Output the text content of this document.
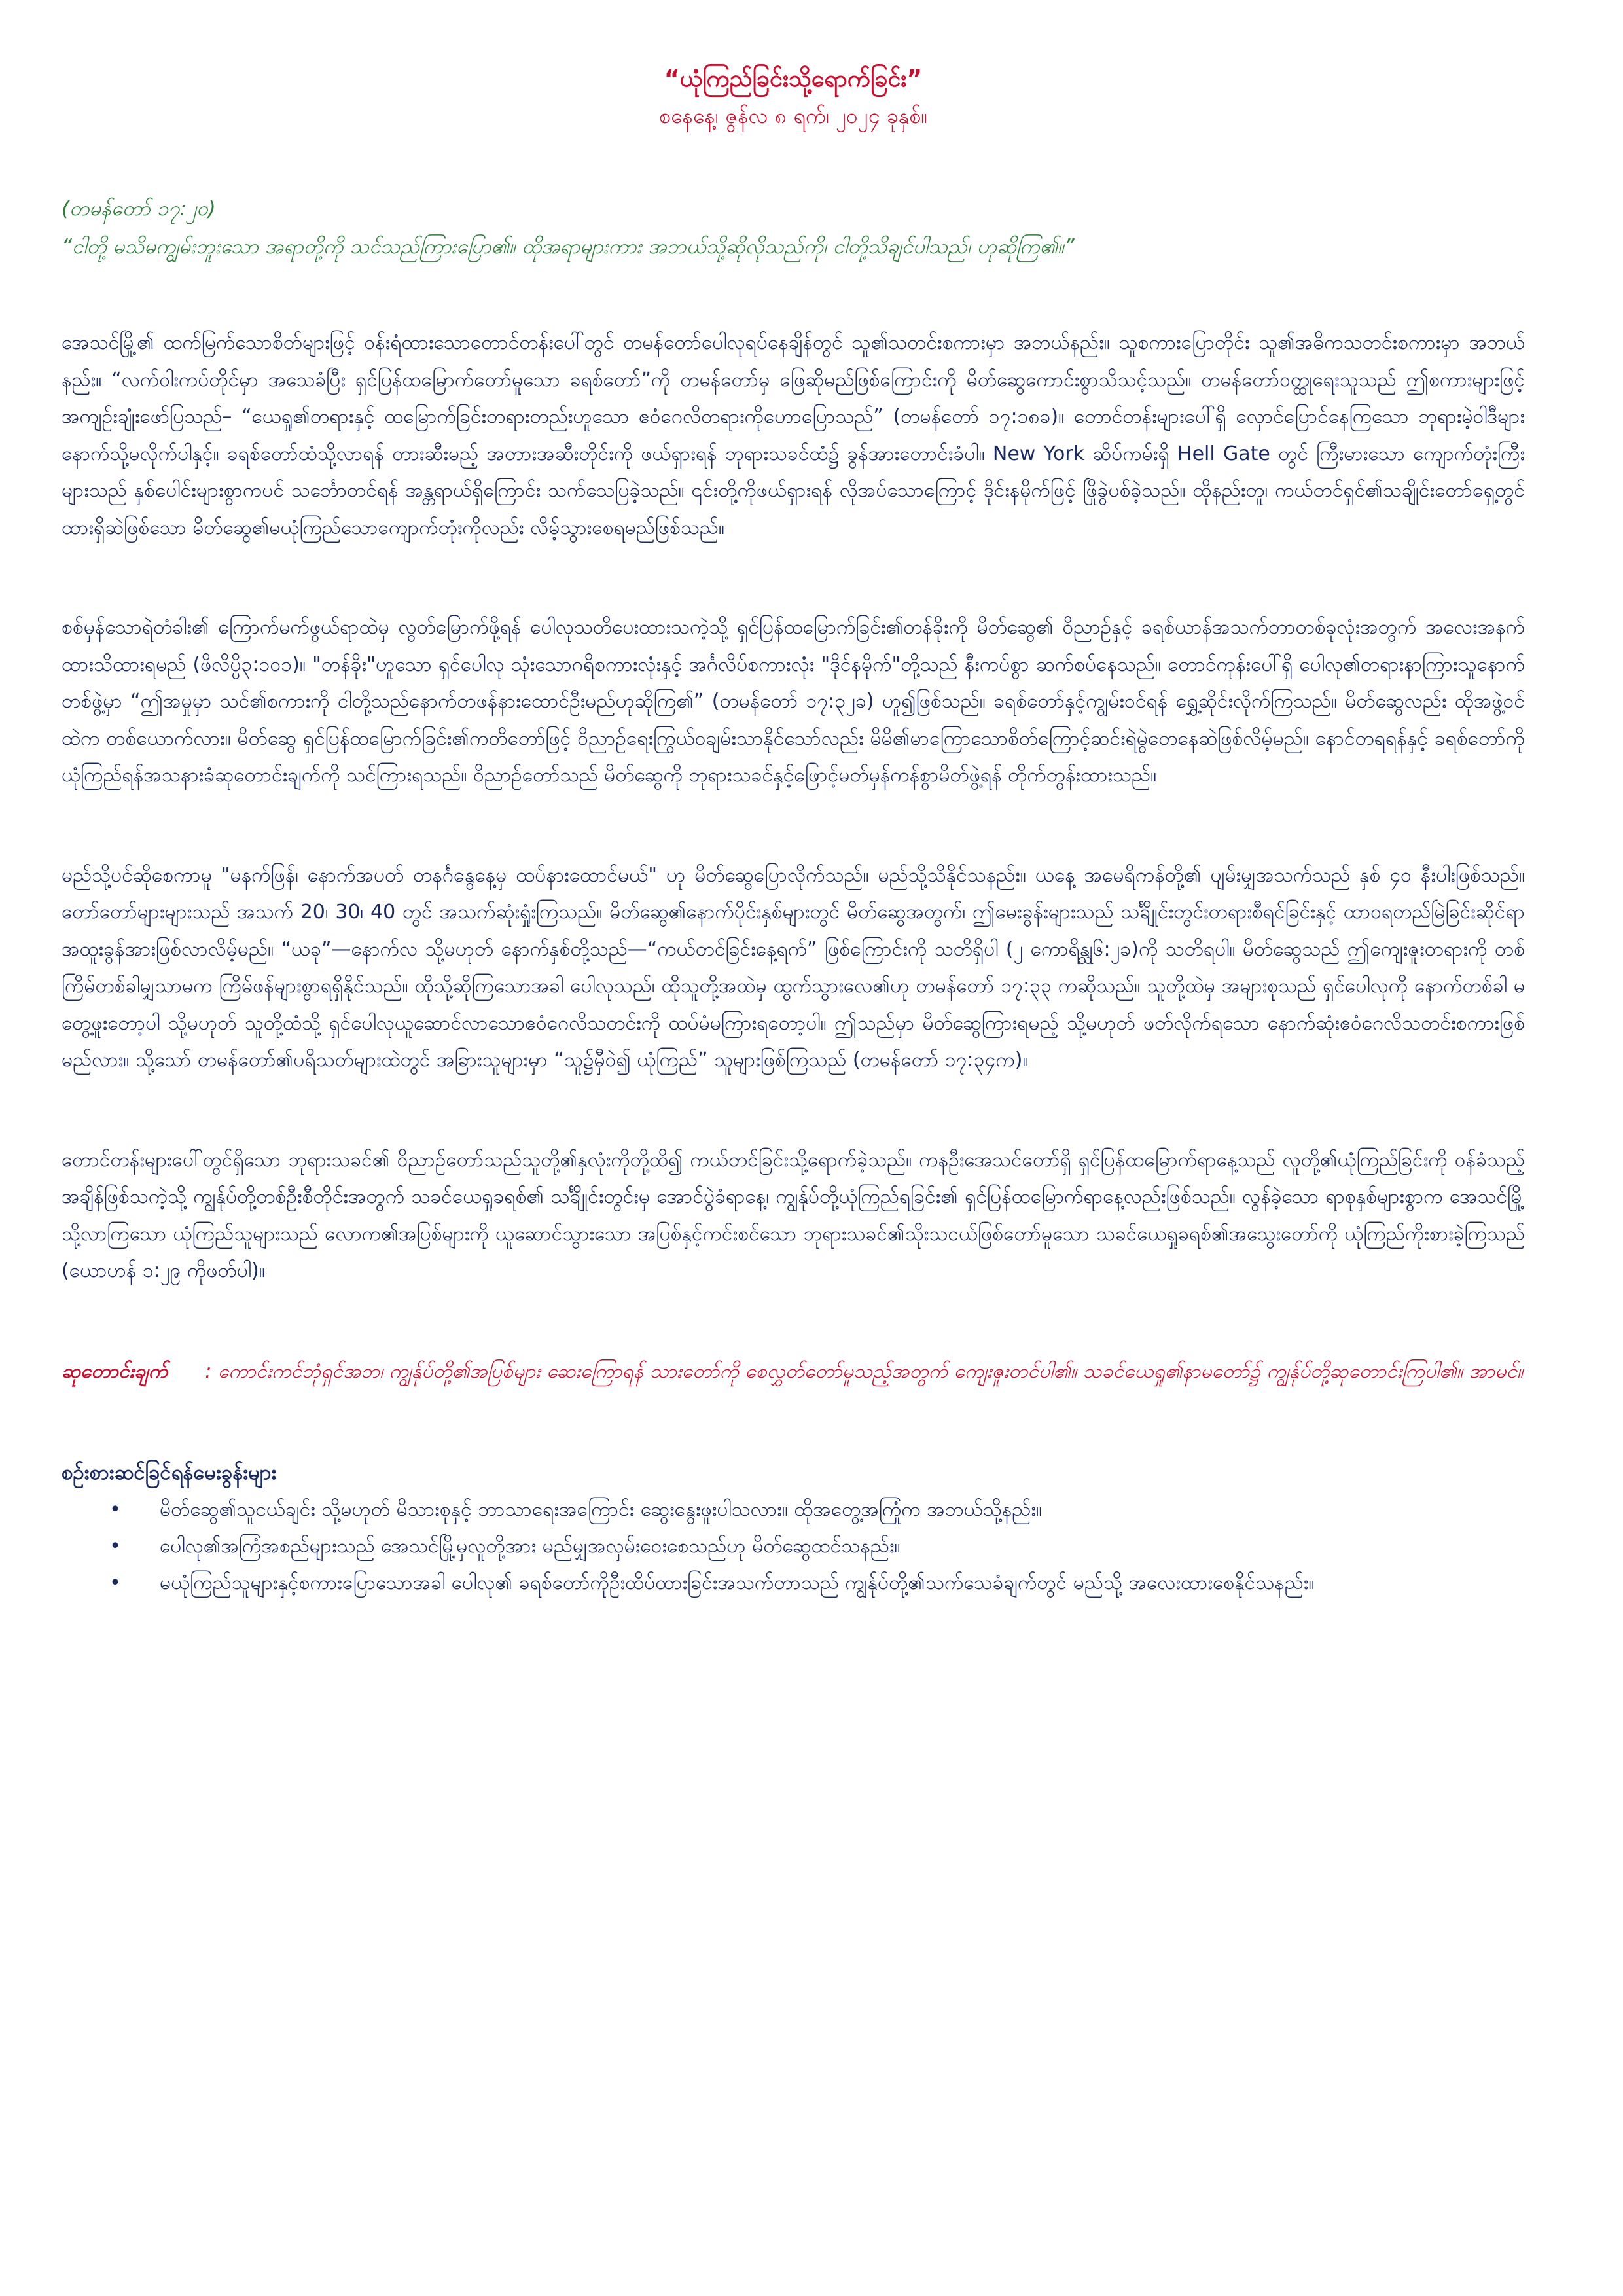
“ယုံကြည်ခြင်းသို့ရောက်ခြင်း”

စနေနေ့၊ ဇွန်လ ၈ ရက်၊ ၂၀၂၄ ခုနှစ်။

(တမန်တော် ၁၇:၂၀)

“ငါတို့ မသိမကျွမ်းဘူးသော အရာတို့ကို သင်သည်ကြားပြော၏။ ထိုအရာများကား အဘယ်သို့ဆိုလိုသည်ကို၊ ငါတို့သိချင်ပါသည်၊ ဟုဆိုကြ၏။”

အေသင်မြို့၏ ထက်မြက်သောစိတ်များဖြင့် ဝန်းရံထားသောတောင်တန်းပေါ်တွင် တမန်တော်ပေါလုရပ်နေချိန်တွင် သူ၏သတင်းစကားမှာ အဘယ်နည်း။ သူစကားပြောတိုင်း သူ၏အဓိကသတင်းစကားမှာ အဘယ်နည်း။ “လက်ဝါးကပ်တိုင်မှာ အသေခံပြီး ရှင်ပြန်ထမြောက်တော်မူသော ခရစ်တော်”ကို တမန်တော်မှ ဖြေဆိုမည်ဖြစ်ကြောင်းကို မိတ်ဆွေကောင်းစွာသိသင့်သည်။ တမန်တော်ဝတ္ထုရေးသူသည် ဤစကားများဖြင့် အကျဉ်းချုံးဖော်ပြသည်– “ယေရှု၏တရားနှင့် ထမြောက်ခြင်းတရားတည်းဟူသော ဧဝံဂေလိတရားကိုဟောပြောသည်” (တမန်တော် ၁၇:၁၈ခ)။ တောင်တန်းများပေါ်ရှိ လှောင်ပြောင်နေကြသော ဘုရားမဲ့ဝါဒီများနောက်သို့မလိုက်ပါနှင့်။ ခရစ်တော်ထံသို့လာရန် တားဆီးမည့် အတားအဆီးတိုင်းကို ဖယ်ရှားရန် ဘုရားသခင်ထံ၌ ခွန်အားတောင်းခံပါ။ New York ဆိပ်ကမ်းရှိ Hell Gate တွင် ကြီးမားသော ကျောက်တုံးကြီးများသည် နှစ်ပေါင်းများစွာကပင် သင်္ဘောတင်ရန် အန္တရာယ်ရှိကြောင်း သက်သေပြခဲ့သည်။ ၎င်းတို့ကိုဖယ်ရှားရန် လိုအပ်သောကြောင့် ဒိုင်းနမိုက်ဖြင့် ဖြိုခွဲပစ်ခဲ့သည်။ ထိုနည်းတူ၊ ကယ်တင်ရှင်၏သချိုင်းတော်ရှေ့တွင် ထားရှိဆဲဖြစ်သော မိတ်ဆွေ၏မယုံကြည်သောကျောက်တုံးကိုလည်း လိမ့်သွားစေရမည်ဖြစ်သည်။

စစ်မှန်သောရဲတံခါး၏ ကြောက်မက်ဖွယ်ရာထဲမှ လွတ်မြောက်ဖို့ရန် ပေါလုသတိပေးထားသကဲ့သို့ ရှင်ပြန်ထမြောက်ခြင်း၏တန်ခိုးကို မိတ်ဆွေ၏ ဝိညာဉ်နှင့် ခရစ်ယာန်အသက်တာတစ်ခုလုံးအတွက် အလေးအနက်ထားသိထားရမည် (ဖိလိပ္ပိ၃:၁၀၁)။ "တန်ခိုး"ဟူသော ရှင်ပေါလု သုံးသောဂရိစကားလုံးနှင့် အင်္ဂလိပ်စကားလုံး "ဒိုင်နမိုက်"တို့သည် နီးကပ်စွာ ဆက်စပ်နေသည်။ တောင်ကုန်းပေါ်ရှိ ပေါလု၏တရားနာကြားသူနောက်တစ်ဖွဲ့မှာ “ဤအမှုမှာ သင်၏စကားကို ငါတို့သည်နောက်တဖန်နားထောင်ဦးမည်ဟုဆိုကြ၏” (တမန်တော် ၁၇:၃၂ခ) ဟူ၍ဖြစ်သည်။ ခရစ်တော်နှင့်ကျွမ်းဝင်ရန် ရွှေ့ဆိုင်းလိုက်ကြသည်။ မိတ်ဆွေလည်း ထိုအဖွဲ့ဝင်ထဲက တစ်ယောက်လား။ မိတ်ဆွေ ရှင်ပြန်ထမြောက်ခြင်း၏ကတိတော်ဖြင့် ဝိညာဉ်ရေးကြွယ်ဝချမ်းသာနိုင်သော်လည်း မိမိ၏မာကြောသောစိတ်ကြောင့်ဆင်းရဲမွဲတေနေဆဲဖြစ်လိမ့်မည်။ နောင်တရရန်နှင့် ခရစ်တော်ကို ယုံကြည်ရန်အသနားခံဆုတောင်းချက်ကို သင်ကြားရသည်။ ဝိညာဉ်တော်သည် မိတ်ဆွေကို ဘုရားသခင်နှင့်ဖြောင့်မတ်မှန်ကန်စွာမိတ်ဖွဲ့ရန် တိုက်တွန်းထားသည်။

မည်သို့ပင်ဆိုစေကာမူ "မနက်ဖြန်၊ နောက်အပတ် တနင်္ဂနွေနေ့မှ ထပ်နားထောင်မယ်" ဟု မိတ်ဆွေပြောလိုက်သည်။ မည်သို့သိနိုင်သနည်း။ ယနေ့ အမေရိကန်တို့၏ ပျမ်းမျှအသက်သည် နှစ် ၄၀ နီးပါးဖြစ်သည်။ တော်တော်များများသည် အသက် 20၊ 30၊ 40 တွင် အသက်ဆုံးရှုံးကြသည်။ မိတ်ဆွေ၏နောက်ပိုင်းနှစ်များတွင် မိတ်ဆွေအတွက်၊ ဤမေးခွန်းများသည် သင်္ချိုင်းတွင်းတရားစီရင်ခြင်းနှင့် ထာဝရတည်မြဲခြင်းဆိုင်ရာ အထူးခွန်အားဖြစ်လာလိမ့်မည်။ “ယခု”—နောက်လ သို့မဟုတ် နောက်နှစ်တို့သည်—“ကယ်တင်ခြင်းနေ့ရက်” ဖြစ်ကြောင်းကို သတိရှိပါ (၂ ကောရိန္သု၆:၂ခ)ကို သတိရပါ။ မိတ်ဆွေသည် ဤကျေးဇူးတရားကို တစ်ကြိမ်တစ်ခါမျှသာမက ကြိမ်ဖန်များစွာရရှိနိုင်သည်။ ထိုသို့ဆိုကြသောအခါ ပေါလုသည်၊ ထိုသူတို့အထဲမှ ထွက်သွားလေ၏ဟု တမန်တော် ၁၇:၃၃ ကဆိုသည်။ သူတို့ထဲမှ အများစုသည် ရှင်ပေါလုကို နောက်တစ်ခါ မတွေ့ဖူးတော့ပါ သို့မဟုတ် သူတို့ထံသို့ ရှင်ပေါလုယူဆောင်လာသောဧဝံဂေလိသတင်းကို ထပ်မံမကြားရတော့ပါ။ ဤသည်မှာ မိတ်ဆွေကြားရမည့် သို့မဟုတ် ဖတ်လိုက်ရသော နောက်ဆုံးဧဝံဂေလိသတင်းစကားဖြစ်မည်လား။ သို့သော် တမန်တော်၏ပရိသတ်များထဲတွင် အခြားသူများမှာ “သူ၌မှီဝဲ၍ ယုံကြည်” သူများဖြစ်ကြသည် (တမန်တော် ၁၇:၃၄က)။

တောင်တန်းများပေါ်တွင်ရှိသော ဘုရားသခင်၏ ဝိညာဉ်တော်သည်သူတို့၏နှလုံးကိုတို့ထိ၍ ကယ်တင်ခြင်းသို့ရောက်ခဲ့သည်။ ကနဦးအေသင်တော်ရှိ ရှင်ပြန်ထမြောက်ရာနေ့သည် လူတို့၏ယုံကြည်ခြင်းကို ဝန်ခံသည့်အချိန်ဖြစ်သကဲ့သို့ ကျွန်ုပ်တို့တစ်ဦးစီတိုင်းအတွက် သခင်ယေရှုခရစ်၏ သင်္ချိုင်းတွင်းမှ အောင်ပွဲခံရာနေ့၊ ကျွန်ုပ်တို့ယုံကြည်ရခြင်း၏ ရှင်ပြန်ထမြောက်ရာနေ့လည်းဖြစ်သည်။ လွန်ခဲ့သော ရာစုနှစ်များစွာက အေသင်မြို့သို့လာကြသော ယုံကြည်သူများသည် လောက၏အပြစ်များကို ယူဆောင်သွားသော အပြစ်နှင့်ကင်းစင်သော ဘုရားသခင်၏သိုးသငယ်ဖြစ်တော်မူသော သခင်ယေရှုခရစ်၏အသွေးတော်ကို ယုံကြည်ကိုးစားခဲ့ကြသည် (ယောဟန် ၁:၂၉ ကိုဖတ်ပါ)။

ဆုတောင်းချက် : ကောင်းကင်ဘုံရှင်အဘ၊ ကျွန်ုပ်တို့၏အပြစ်များ ဆေးကြောရန် သားတော်ကို စေလွှတ်တော်မူသည့်အတွက် ကျေးဇူးတင်ပါ၏။ သခင်ယေရှု၏နာမတော်၌ ကျွန်ုပ်တို့ဆုတောင်းကြပါ၏။ အာမင်။

စဉ်းစားဆင်ခြင်ရန်မေးခွန်းများ
•	မိတ်ဆွေ၏သူငယ်ချင်း သို့မဟုတ် မိသားစုနှင့် ဘာသာရေးအကြောင်း ဆွေးနွေးဖူးပါသလား။ ထိုအတွေ့အကြုံက အဘယ်သို့နည်း။
•	ပေါလု၏အကြံအစည်များသည် အေသင်မြို့မှလူတို့အား မည်မျှအလှမ်းဝေးစေသည်ဟု မိတ်ဆွေထင်သနည်း။
•	မယုံကြည်သူများနှင့်စကားပြောသောအခါ ပေါလု၏ ခရစ်တော်ကိုဦးထိပ်ထားခြင်းအသက်တာသည် ကျွန်ုပ်တို့၏သက်သေခံချက်တွင် မည်သို့ အလေးထားစေနိုင်သနည်း။
